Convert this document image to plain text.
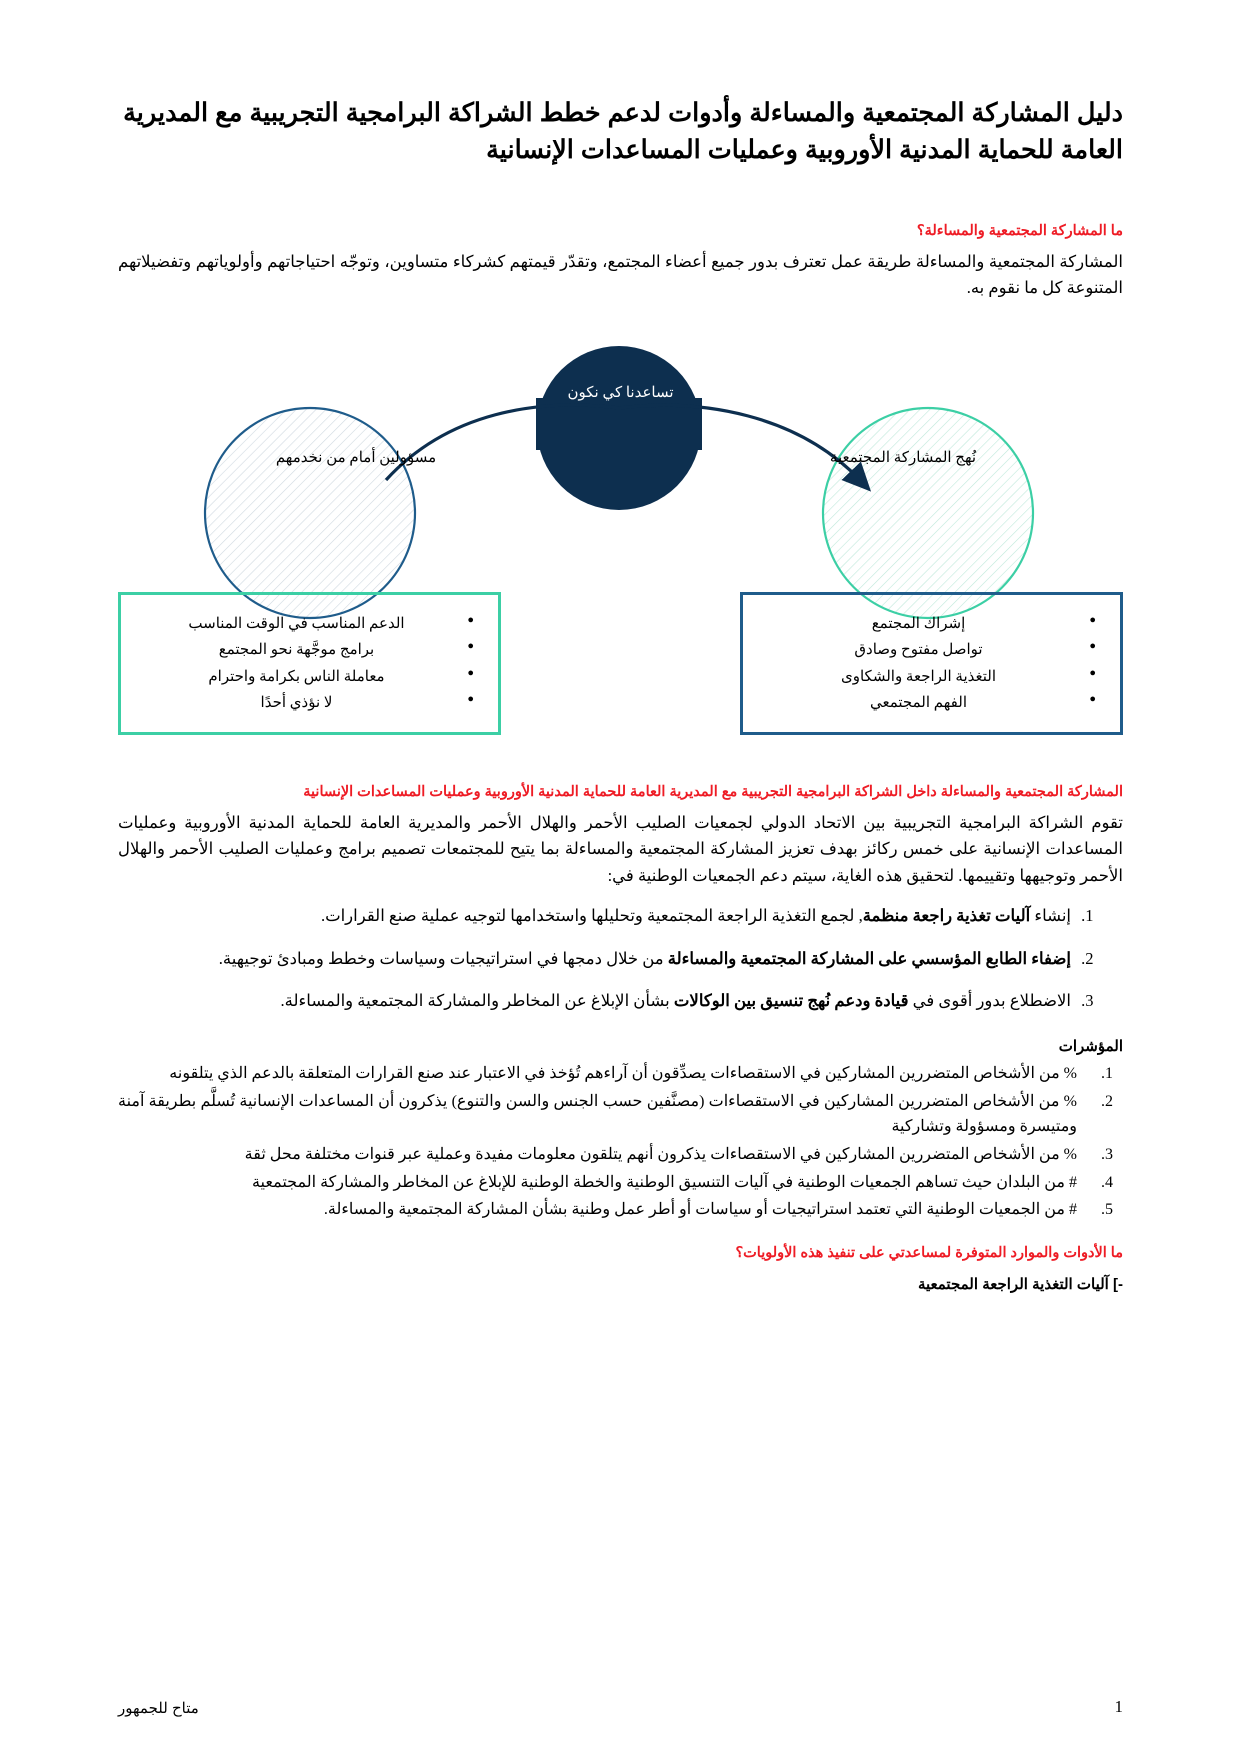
دليل المشاركة المجتمعية والمساءلة وأدوات لدعم خطط الشراكة البرامجية التجريبية مع المديرية العامة للحماية المدنية الأوروبية وعمليات المساعدات الإنسانية
ما المشاركة المجتمعية والمساءلة؟

المشاركة المجتمعية والمساءلة طريقة عمل تعترف بدور جميع أعضاء المجتمع، وتقدّر قيمتهم كشركاء متساوين، وتوجّه احتياجاتهم وأولوياتهم وتفضيلاتهم المتنوعة كل ما نقوم به.

تساعدنا كي نكون
نُهج المشاركة المجتمعية
مسؤولين أمام من نخدمهم
● إشراك المجتمع
● تواصل مفتوح وصادق
● التغذية الراجعة والشكاوى
● الفهم المجتمعي
● الدعم المناسب في الوقت المناسب
● برامج موجَّهة نحو المجتمع
● معاملة الناس بكرامة واحترام
● لا نؤذي أحدًا
المشاركة المجتمعية والمساءلة داخل الشراكة البرامجية التجريبية مع المديرية العامة للحماية المدنية الأوروبية وعمليات المساعدات الإنسانية

تقوم الشراكة البرامجية التجريبية بين الاتحاد الدولي لجمعيات الصليب الأحمر والهلال الأحمر والمديرية العامة للحماية المدنية الأوروبية وعمليات المساعدات الإنسانية على خمس ركائز بهدف تعزيز المشاركة المجتمعية والمساءلة بما يتيح للمجتمعات تصميم برامج وعمليات الصليب الأحمر والهلال الأحمر وتوجيهها وتقييمها. لتحقيق هذه الغاية، سيتم دعم الجمعيات الوطنية في:

1. إنشاء آليات تغذية راجعة منظمة, لجمع التغذية الراجعة المجتمعية وتحليلها واستخدامها لتوجيه عملية صنع القرارات.
2. إضفاء الطابع المؤسسي على المشاركة المجتمعية والمساءلة من خلال دمجها في استراتيجيات وسياسات وخطط ومبادئ توجيهية.
3. الاضطلاع بدور أقوى في قيادة ودعم نُهج تنسيق بين الوكالات بشأن الإبلاغ عن المخاطر والمشاركة المجتمعية والمساءلة.
المؤشرات
% من الأشخاص المتضررين المشاركين في الاستقصاءات يصدِّقون أن آراءهم تُؤخذ في الاعتبار عند صنع القرارات المتعلقة بالدعم الذي يتلقونه
% من الأشخاص المتضررين المشاركين في الاستقصاءات (مصنَّفين حسب الجنس والسن والتنوع) يذكرون أن المساعدات الإنسانية تُسلَّم بطريقة آمنة ومتيسرة ومسؤولة وتشاركية
% من الأشخاص المتضررين المشاركين في الاستقصاءات يذكرون أنهم يتلقون معلومات مفيدة وعملية عبر قنوات مختلفة محل ثقة
# من البلدان حيث تساهم الجمعيات الوطنية في آليات التنسيق الوطنية والخطة الوطنية للإبلاغ عن المخاطر والمشاركة المجتمعية
# من الجمعيات الوطنية التي تعتمد استراتيجيات أو سياسات أو أطر عمل وطنية بشأن المشاركة المجتمعية والمساءلة.
ما الأدوات والموارد المتوفرة لمساعدتي على تنفيذ هذه الأولويات؟
-] آليات التغذية الراجعة المجتمعية
1
متاح للجمهور
